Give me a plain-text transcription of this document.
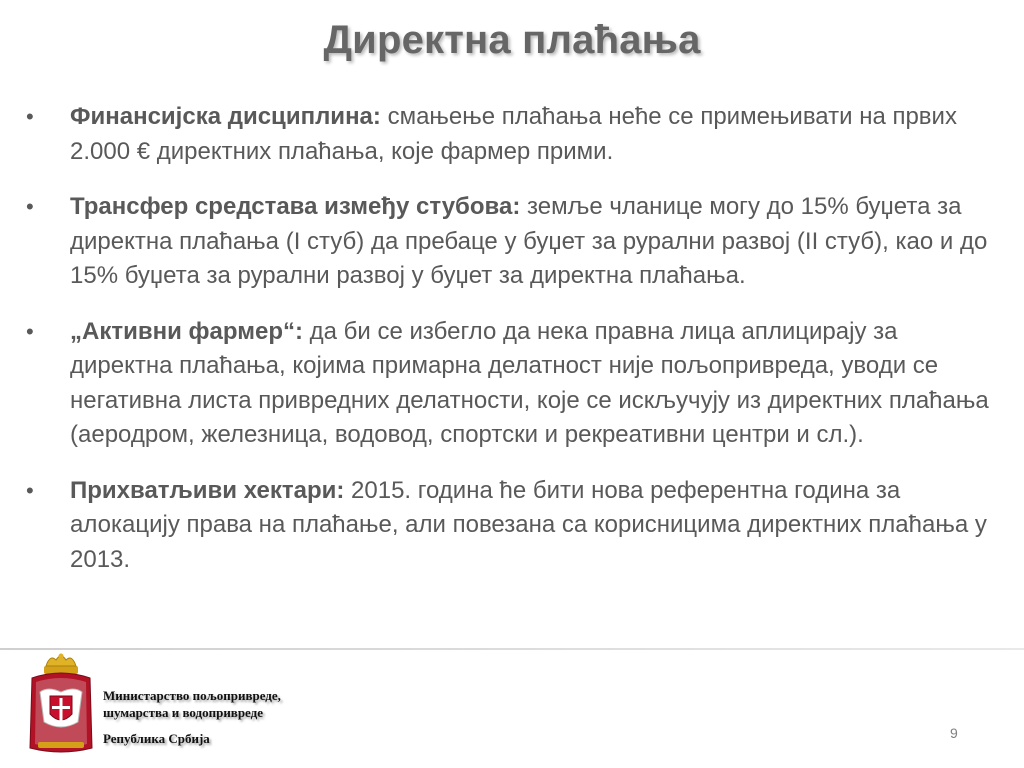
Директна плаћања
• Финансијска дисциплина: смањење плаћања неће се примењивати на првих 2.000 € директних плаћања, које фармер прими.
• Трансфер средстава између стубова: земље чланице могу до 15% буџета за директна плаћања (I стуб) да пребаце у буџет за рурални развој (II стуб), као и до 15% буџета за рурални развој у буџет за директна плаћања.
• „Активни фармер“: да би се избегло да нека правна лица аплицирају за директна плаћања, којима примарна делатност није пољопривреда, уводи се негативна листа привредних делатности, које се искључују из директних плаћања (аеродром, железница, водовод, спортски и рекреативни центри и сл.).
• Прихватљиви хектари: 2015. година ће бити нова референтна година за алокацију права на плаћање, али повезана са корисницима директних плаћања у 2013.
Министарство пољопривреде,
шумарства и водопривреде
Република Србија	9
